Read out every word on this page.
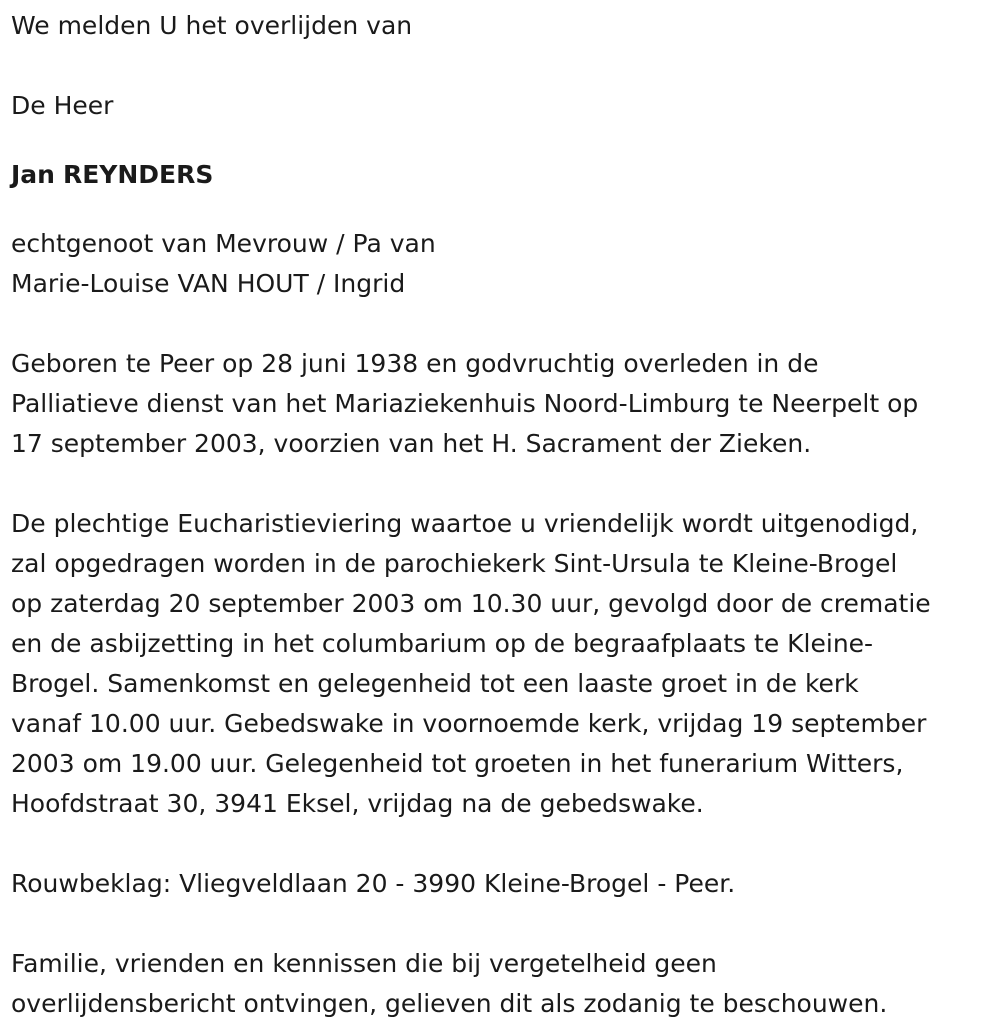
We melden U het overlijden van

De Heer

Jan REYNDERS

echtgenoot van Mevrouw / Pa van

Marie-Louise VAN HOUT / Ingrid

Geboren te Peer op 28 juni 1938 en godvruchtig overleden in de

Palliatieve dienst van het Mariaziekenhuis Noord-Limburg te Neerpelt op

17 september 2003, voorzien van het H. Sacrament der Zieken.

De plechtige Eucharistieviering waartoe u vriendelijk wordt uitgenodigd,

zal opgedragen worden in de parochiekerk Sint-Ursula te Kleine-Brogel

op zaterdag 20 september 2003 om 10.30 uur, gevolgd door de crematie

en de asbijzetting in het columbarium op de begraafplaats te Kleine-

Brogel. Samenkomst en gelegenheid tot een laaste groet in de kerk

vanaf 10.00 uur. Gebedswake in voornoemde kerk, vrijdag 19 september

2003 om 19.00 uur. Gelegenheid tot groeten in het funerarium Witters,

Hoofdstraat 30, 3941 Eksel, vrijdag na de gebedswake.

Rouwbeklag: Vliegveldlaan 20 - 3990 Kleine-Brogel - Peer.

Familie, vrienden en kennissen die bij vergetelheid geen

overlijdensbericht ontvingen, gelieven dit als zodanig te beschouwen.
